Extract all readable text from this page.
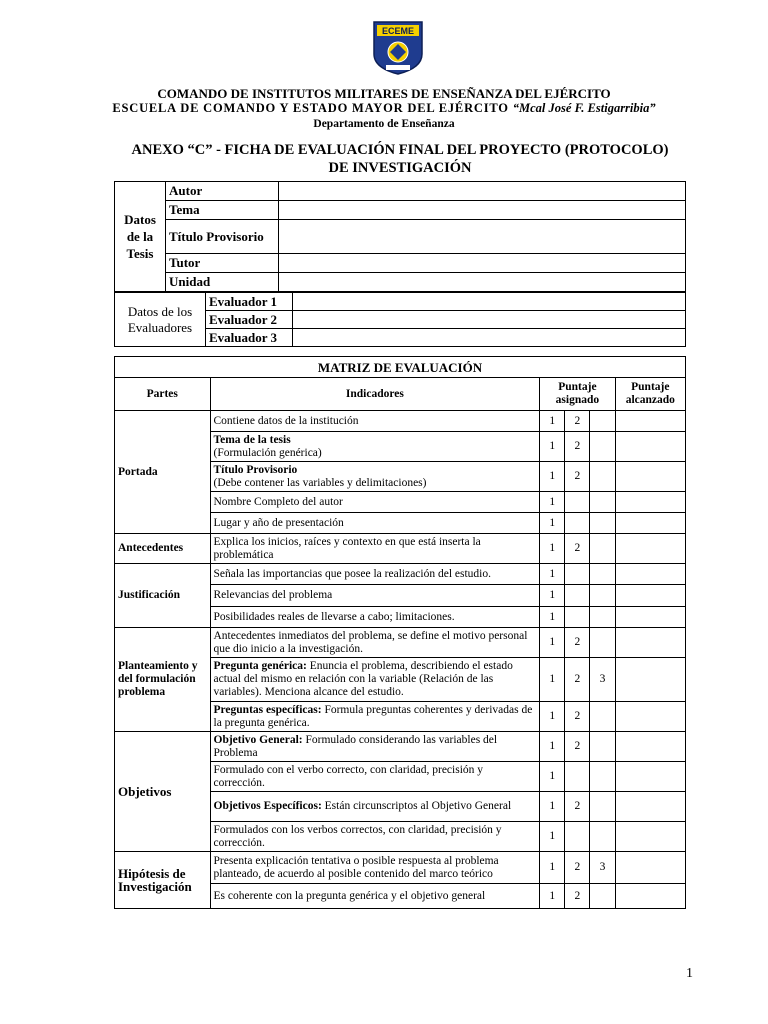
ECEME
COMANDO DE INSTITUTOS MILITARES DE ENSEÑANZA DEL EJÉRCITO
ESCUELA DE COMANDO Y ESTADO MAYOR DEL EJÉRCITO “Mcal José F. Estigarribia”
Departamento de Enseñanza
ANEXO “C” - FICHA DE EVALUACIÓN FINAL DEL PROYECTO (PROTOCOLO)
DE INVESTIGACIÓN
Datos de la Tesis	Autor	
	Tema	
	Título Provisorio	
	Tutor	
	Unidad	
Datos de los Evaluadores	Evaluador 1	
	Evaluador 2	
	Evaluador 3	
MATRIZ DE EVALUACIÓN					
Partes	Indicadores	Puntaje asignado			Puntaje alcanzado
Portada	Contiene datos de la institución	1	2		

	Tema de la tesis
(Formulación genérica)	1	2		

	Título Provisorio
(Debe contener las variables y delimitaciones)	1	2		
	Nombre Completo del autor	1			
	Lugar y año de presentación	1			
Antecedentes	Explica los inicios, raíces y contexto en que está inserta la problemática	1	2		
Justificación	Señala las importancias que posee la realización del estudio.	1			
	Relevancias del problema	1			
	Posibilidades reales de llevarse a cabo; limitaciones.	1			
Planteamiento y del formulación problema	Antecedentes inmediatos del problema, se define el motivo personal que dio inicio a la investigación.	1	2		
	Pregunta genérica: Enuncia el problema, describiendo el estado actual del mismo en relación con la variable (Relación de las variables). Menciona alcance del estudio.	1	2	3	
	Preguntas específicas: Formula preguntas coherentes y derivadas de la pregunta genérica.	1	2		
Objetivos	Objetivo General: Formulado considerando las variables del Problema	1	2		
	Formulado con el verbo correcto, con claridad, precisión y corrección.	1			
	Objetivos Específicos: Están circunscriptos al Objetivo General	1	2		
	Formulados con los verbos correctos, con claridad, precisión y corrección.	1			
Hipótesis de Investigación	Presenta explicación tentativa o posible respuesta al problema planteado, de acuerdo al posible contenido del marco teórico	1	2	3	
	Es coherente con la pregunta genérica y el objetivo general	1	2		
1
